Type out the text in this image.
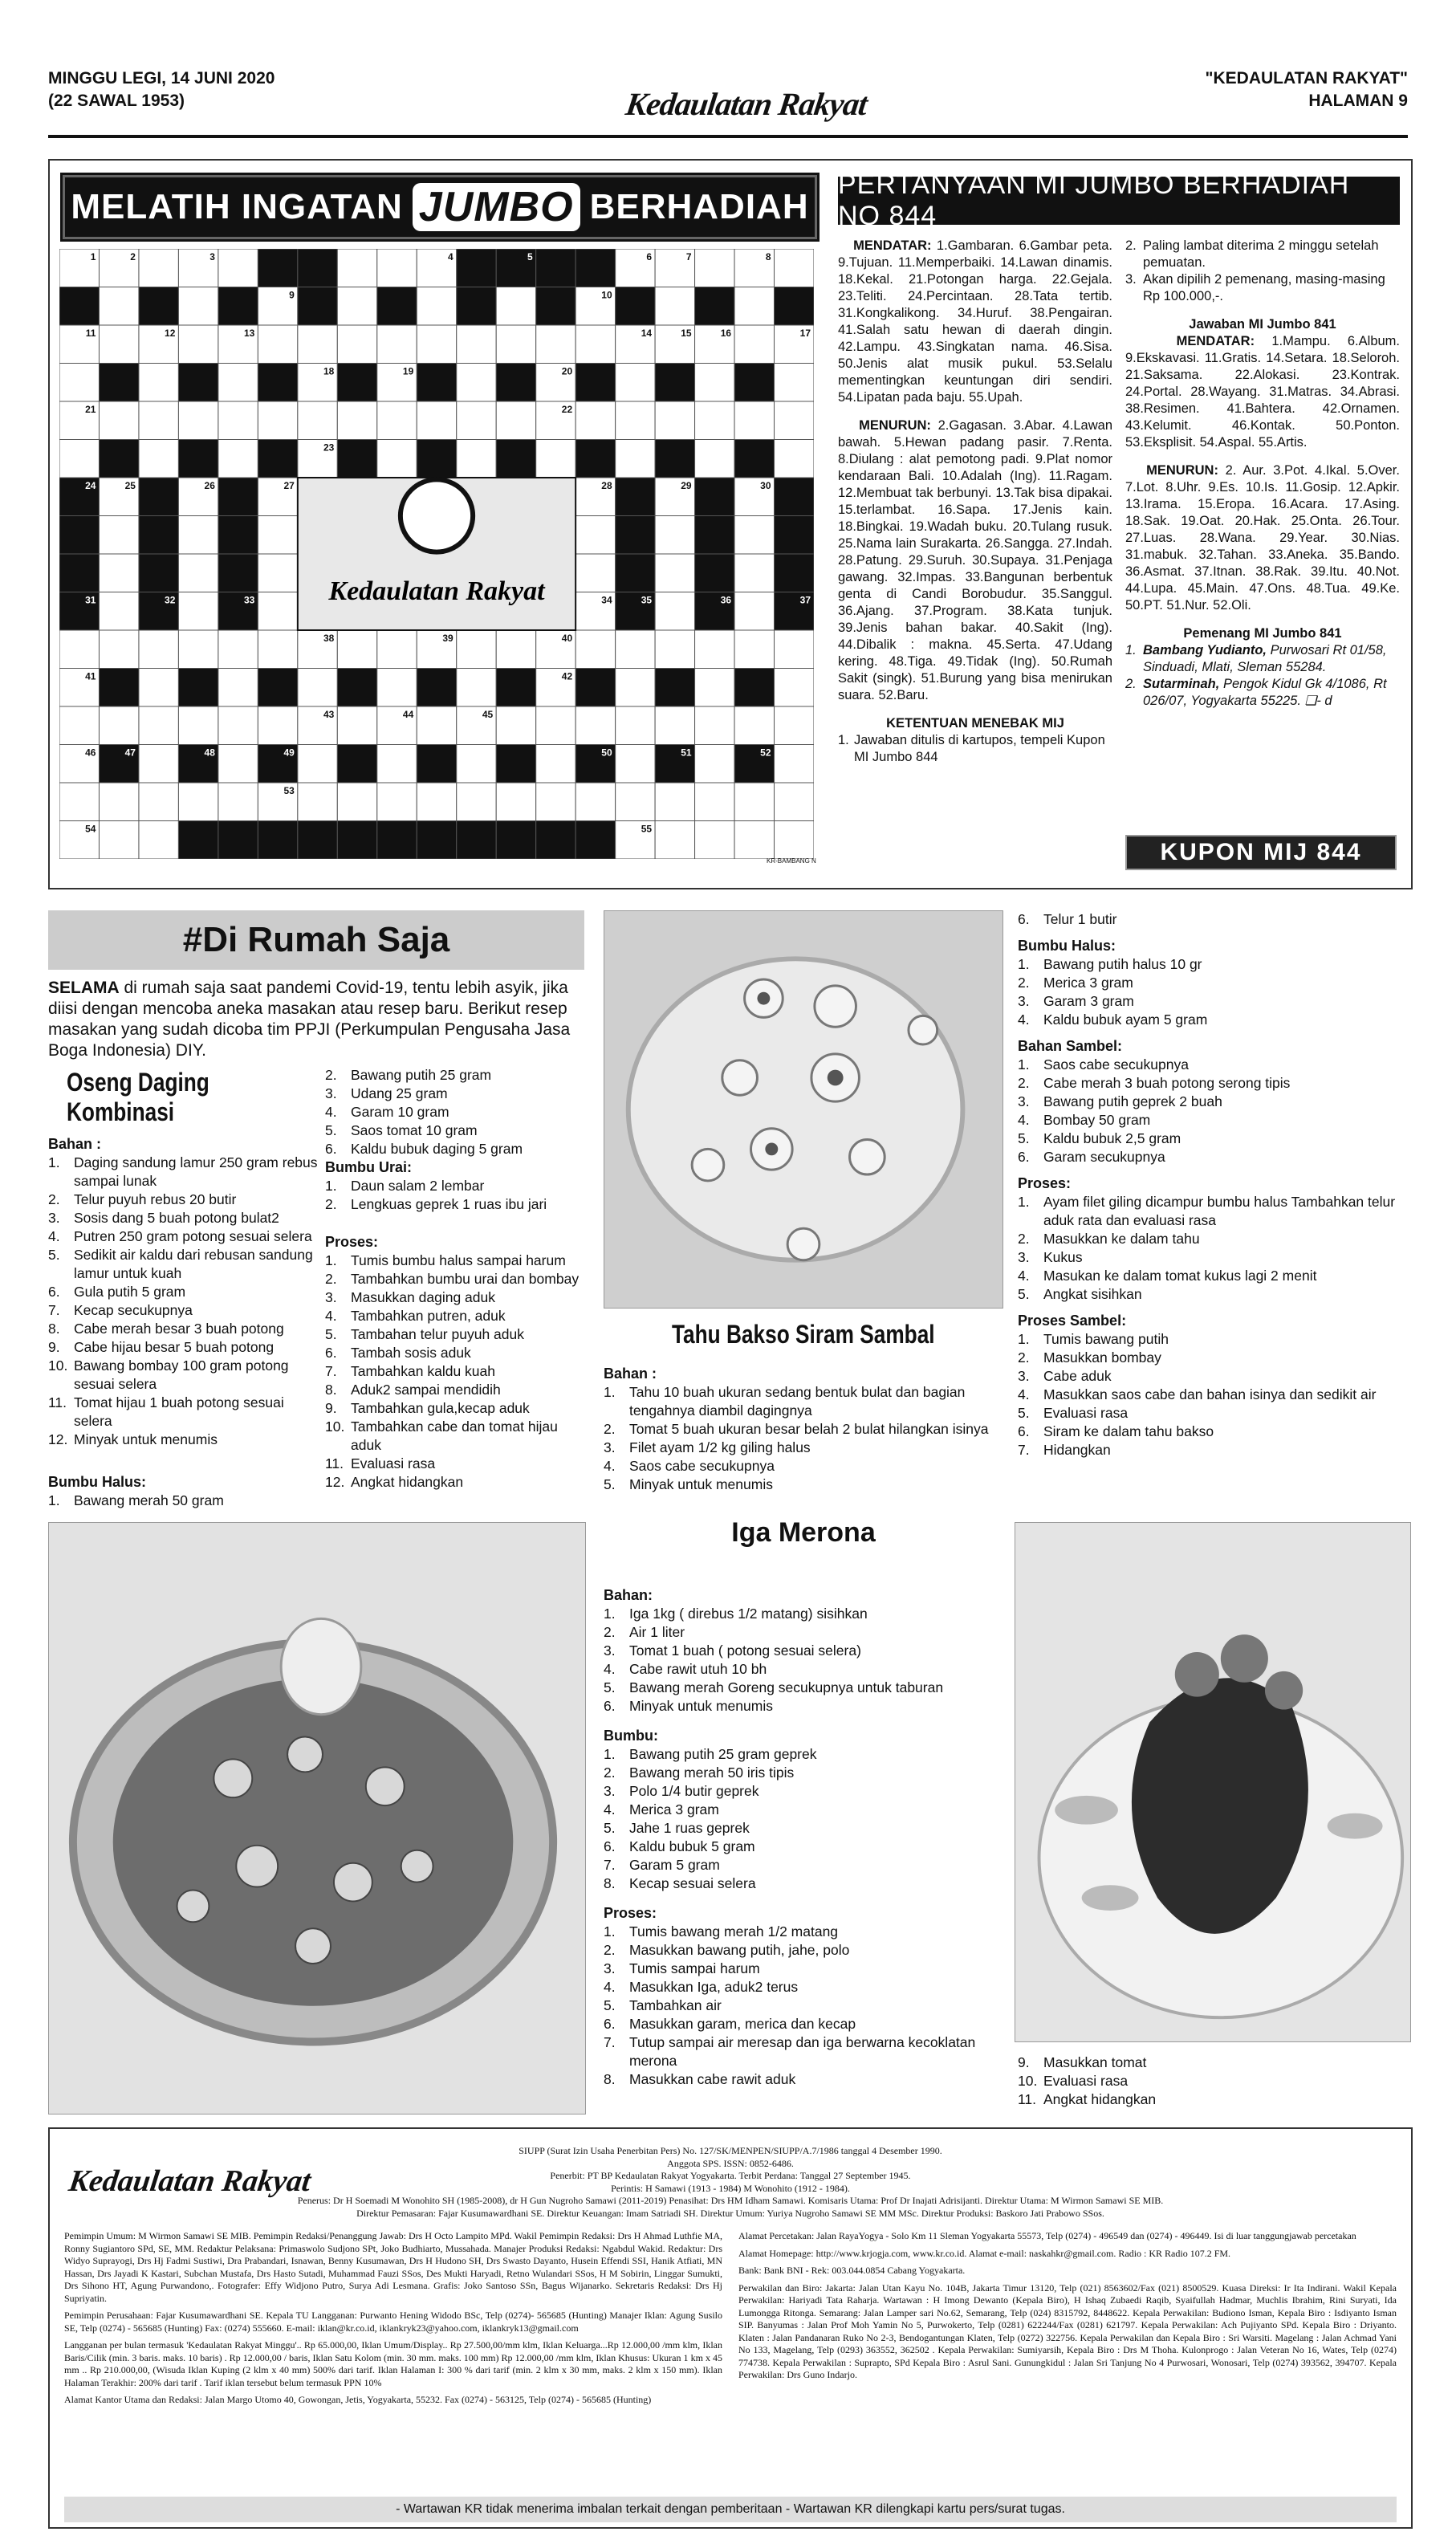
MINGGU LEGI, 14 JUNI 2020
(22 SAWAL 1953)	Kedaulatan Rakyat
"KEDAULATAN RAKYAT"
HALAMAN 9
MELATIH INGATAN JUMBO BERHADIAH
Kedaulatan Rakyat
1	2	3	4	5	6	7	8
9	10
11	12	13	14	15	16	17
18	19	20
21	22
23
24	25	26	27	28	29	30
31	32	33	34	35	36	37
38	39	40
41	42
43	44	45
46	47	48	49	50	51	52
53
54	55
KR-BAMBANG N
PERTANYAAN MI JUMBO BERHADIAH NO 844

MENDATAR: 1.Gambaran. 6.Gambar peta. 9.Tujuan. 11.Memperbaiki. 14.Lawan dinamis. 18.Kekal. 21.Potongan harga. 22.Gejala. 23.Teliti. 24.Percintaan. 28.Tata tertib. 31.Kongkalikong. 34.Huruf. 38.Pengairan. 41.Salah satu hewan di daerah dingin. 42.Lampu. 43.Singkatan nama. 46.Sisa. 50.Jenis alat musik pukul. 53.Selalu mementingkan keuntungan diri sendiri. 54.Lipatan pada baju. 55.Upah.

MENURUN: 2.Gagasan. 3.Abar. 4.Lawan bawah. 5.Hewan padang pasir. 7.Renta. 8.Diulang : alat pemotong padi. 9.Plat nomor kendaraan Bali. 10.Adalah (Ing). 11.Ragam. 12.Membuat tak berbunyi. 13.Tak bisa dipakai. 15.terlambat. 16.Sapa. 17.Jenis kain. 18.Bingkai. 19.Wadah buku. 20.Tulang rusuk. 25.Nama lain Surakarta. 26.Sangga. 27.Indah. 28.Patung. 29.Suruh. 30.Supaya. 31.Penjaga gawang. 32.Impas. 33.Bangunan berbentuk genta di Candi Borobudur. 35.Sanggul. 36.Ajang. 37.Program. 38.Kata tunjuk. 39.Jenis bahan bakar. 40.Sakit (Ing). 44.Dibalik : makna. 45.Serta. 47.Udang kering. 48.Tiga. 49.Tidak (Ing). 50.Rumah Sakit (singk). 51.Burung yang bisa menirukan suara. 52.Baru.

KETENTUAN MENEBAK MIJ
1. Jawaban ditulis di kartupos, tempeli Kupon MI Jumbo 844
2. Paling lambat diterima 2 minggu setelah pemuatan.
3. Akan dipilih 2 pemenang, masing-masing Rp 100.000,-.
Jawaban MI Jumbo 841

MENDATAR: 1.Mampu. 6.Album. 9.Ekskavasi. 11.Gratis. 14.Setara. 18.Seloroh. 21.Saksama. 22.Alokasi. 23.Kontrak. 24.Portal. 28.Wayang. 31.Matras. 34.Abrasi. 38.Resimen. 41.Bahtera. 42.Ornamen. 43.Kelumit. 46.Kontak. 50.Ponton. 53.Eksplisit. 54.Aspal. 55.Artis.

MENURUN: 2. Aur. 3.Pot. 4.Ikal. 5.Over. 7.Lot. 8.Uhr. 9.Es. 10.Is. 11.Gosip. 12.Apkir. 13.Irama. 15.Eropa. 16.Acara. 17.Asing. 18.Sak. 19.Oat. 20.Hak. 25.Onta. 26.Tour. 27.Luas. 28.Wana. 29.Year. 30.Nias. 31.mabuk. 32.Tahan. 33.Aneka. 35.Bando. 36.Asmat. 37.Itnan. 38.Rak. 39.Itu. 40.Not. 44.Lupa. 45.Main. 47.Ons. 48.Tua. 49.Ke. 50.PT. 51.Nur. 52.Oli.

Pemenang MI Jumbo 841
1. Bambang Yudianto, Purwosari Rt 01/58, Sinduadi, Mlati, Sleman 55284.
2. Sutarminah, Pengok Kidul Gk 4/1086, Rt 026/07, Yogyakarta 55225. ❏- d
KUPON MIJ 844
#Di Rumah Saja
SELAMA di rumah saja saat pandemi Covid-19, tentu lebih asyik, jika diisi dengan mencoba aneka masakan atau resep baru. Berikut resep masakan yang sudah dicoba tim PPJI (Perkumpulan Pengusaha Jasa Boga Indonesia) DIY.
Oseng Daging Kombinasi
Bahan :
1. Daging sandung lamur 250 gram rebus sampai lunak
2. Telur puyuh rebus 20 butir
3. Sosis dang 5 buah potong bulat2
4. Putren 250 gram potong sesuai selera
5. Sedikit air kaldu dari rebusan sandung lamur untuk kuah
6. Gula putih 5 gram
7. Kecap secukupnya
8. Cabe merah besar 3 buah potong
9. Cabe hijau besar 5 buah potong
10. Bawang bombay 100 gram potong sesuai selera
11. Tomat hijau 1 buah potong sesuai selera
12. Minyak untuk menumis
Bumbu Halus:
1. Bawang merah 50 gram
2. Bawang putih 25 gram
3. Udang 25 gram
4. Garam 10 gram
5. Saos tomat 10 gram
6. Kaldu bubuk daging 5 gram
Bumbu Urai:
1. Daun salam 2 lembar
2. Lengkuas geprek 1 ruas ibu jari
Proses:
1. Tumis bumbu halus sampai harum
2. Tambahkan bumbu urai dan bombay
3. Masukkan daging aduk
4. Tambahkan putren, aduk
5. Tambahan telur puyuh aduk
6. Tambah sosis aduk
7. Tambahkan kaldu kuah
8. Aduk2 sampai mendidih
9. Tambahkan gula,kecap aduk
10. Tambahkan cabe dan tomat hijau aduk
11. Evaluasi rasa
12. Angkat hidangkan
Tahu Bakso Siram Sambal
Bahan :
1. Tahu 10 buah ukuran sedang bentuk bulat dan bagian tengahnya diambil dagingnya
2. Tomat 5 buah ukuran besar belah 2 bulat hilangkan isinya
3. Filet ayam 1/2 kg giling halus
4. Saos cabe secukupnya
5. Minyak untuk menumis
6. Telur 1 butir
Bumbu Halus:
1. Bawang putih halus 10 gr
2. Merica 3 gram
3. Garam 3 gram
4. Kaldu bubuk ayam 5 gram
Bahan Sambel:
1. Saos cabe secukupnya
2. Cabe merah 3 buah potong serong tipis
3. Bawang putih geprek 2 buah
4. Bombay 50 gram
5. Kaldu bubuk 2,5 gram
6. Garam secukupnya
Proses:
1. Ayam filet giling dicampur bumbu halus Tambahkan telur aduk rata dan evaluasi rasa
2. Masukkan ke dalam tahu
3. Kukus
4. Masukan ke dalam tomat kukus lagi 2 menit
5. Angkat sisihkan
Proses Sambel:
1. Tumis bawang putih
2. Masukkan bombay
3. Cabe aduk
4. Masukkan saos cabe dan bahan isinya dan sedikit air
5. Evaluasi rasa
6. Siram ke dalam tahu bakso
7. Hidangkan
Iga Merona
Bahan:
1. Iga 1kg ( direbus 1/2 matang) sisihkan
2. Air 1 liter
3. Tomat 1 buah ( potong sesuai selera)
4. Cabe rawit utuh 10 bh
5. Bawang merah Goreng secukupnya untuk taburan
6. Minyak untuk menumis
Bumbu:
1. Bawang putih 25 gram geprek
2. Bawang merah 50 iris tipis
3. Polo 1/4 butir geprek
4. Merica 3 gram
5. Jahe 1 ruas geprek
6. Kaldu bubuk 5 gram
7. Garam 5 gram
8. Kecap sesuai selera
Proses:
1. Tumis bawang merah 1/2 matang
2. Masukkan bawang putih, jahe, polo
3. Tumis sampai harum
4. Masukkan Iga, aduk2 terus
5. Tambahkan air
6. Masukkan garam, merica dan kecap
7. Tutup sampai air meresap dan iga berwarna kecoklatan merona
8. Masukkan cabe rawit aduk
9. Masukkan tomat
10. Evaluasi rasa
11. Angkat hidangkan
Kedaulatan Rakyat
SIUPP (Surat Izin Usaha Penerbitan Pers) No. 127/SK/MENPEN/SIUPP/A.7/1986 tanggal 4 Desember 1990.
Anggota SPS. ISSN: 0852-6486.
Penerbit: PT BP Kedaulatan Rakyat Yogyakarta. Terbit Perdana: Tanggal 27 September 1945.
Perintis: H Samawi (1913 - 1984) M Wonohito (1912 - 1984).
Penerus: Dr H Soemadi M Wonohito SH (1985-2008), dr H Gun Nugroho Samawi (2011-2019) Penasihat: Drs HM Idham Samawi. Komisaris Utama: Prof Dr Inajati Adrisijanti. Direktur Utama: M Wirmon Samawi SE MIB.
Direktur Pemasaran: Fajar Kusumawardhani SE. Direktur Keuangan: Imam Satriadi SH. Direktur Umum: Yuriya Nugroho Samawi SE MM MSc. Direktur Produksi: Baskoro Jati Prabowo SSos.

Pemimpin Umum: M Wirmon Samawi SE MIB. Pemimpin Redaksi/Penanggung Jawab: Drs H Octo Lampito MPd. Wakil Pemimpin Redaksi: Drs H Ahmad Luthfie MA, Ronny Sugiantoro SPd, SE, MM. Redaktur Pelaksana: Primaswolo Sudjono SPt, Joko Budhiarto, Mussahada. Manajer Produksi Redaksi: Ngabdul Wakid. Redaktur: Drs Widyo Suprayogi, Drs Hj Fadmi Sustiwi, Dra Prabandari, Isnawan, Benny Kusumawan, Drs H Hudono SH, Drs Swasto Dayanto, Husein Effendi SSI, Hanik Atfiati, MN Hassan, Drs Jayadi K Kastari, Subchan Mustafa, Drs Hasto Sutadi, Muhammad Fauzi SSos, Des Mukti Haryadi, Retno Wulandari SSos, H M Sobirin, Linggar Sumukti, Drs Sihono HT, Agung Purwandono,. Fotografer: Effy Widjono Putro, Surya Adi Lesmana. Grafis: Joko Santoso SSn, Bagus Wijanarko. Sekretaris Redaksi: Drs Hj Supriyatin.

Pemimpin Perusahaan: Fajar Kusumawardhani SE. Kepala TU Langganan: Purwanto Hening Widodo BSc, Telp (0274)- 565685 (Hunting) Manajer Iklan: Agung Susilo SE, Telp (0274) - 565685 (Hunting) Fax: (0274) 555660. E-mail: iklan@kr.co.id, iklankryk23@yahoo.com, iklankryk13@gmail.com

Langganan per bulan termasuk 'Kedaulatan Rakyat Minggu'.. Rp 65.000,00, Iklan Umum/Display.. Rp 27.500,00/mm klm, Iklan Keluarga...Rp 12.000,00 /mm klm, Iklan Baris/Cilik (min. 3 baris. maks. 10 baris) . Rp 12.000,00 / baris, Iklan Satu Kolom (min. 30 mm. maks. 100 mm) Rp 12.000,00 /mm klm, Iklan Khusus: Ukuran 1 km x 45 mm .. Rp 210.000,00, (Wisuda Iklan Kuping (2 klm x 40 mm) 500% dari tarif. Iklan Halaman I: 300 % dari tarif (min. 2 klm x 30 mm, maks. 2 klm x 150 mm). Iklan Halaman Terakhir: 200% dari tarif . Tarif iklan tersebut belum termasuk PPN 10%

Alamat Kantor Utama dan Redaksi: Jalan Margo Utomo 40, Gowongan, Jetis, Yogyakarta, 55232. Fax (0274) - 563125, Telp (0274) - 565685 (Hunting)

Alamat Percetakan: Jalan RayaYogya - Solo Km 11 Sleman Yogyakarta 55573, Telp (0274) - 496549 dan (0274) - 496449. Isi di luar tanggungjawab percetakan

Alamat Homepage: http://www.krjogja.com, www.kr.co.id. Alamat e-mail: naskahkr@gmail.com. Radio : KR Radio 107.2 FM.

Bank: Bank BNI - Rek: 003.044.0854 Cabang Yogyakarta.

Perwakilan dan Biro: Jakarta: Jalan Utan Kayu No. 104B, Jakarta Timur 13120, Telp (021) 8563602/Fax (021) 8500529. Kuasa Direksi: Ir Ita Indirani. Wakil Kepala Perwakilan: Hariyadi Tata Raharja. Wartawan : H Imong Dewanto (Kepala Biro), H Ishaq Zubaedi Raqib, Syaifullah Hadmar, Muchlis Ibrahim, Rini Suryati, Ida Lumongga Ritonga. Semarang: Jalan Lamper sari No.62, Semarang, Telp (024) 8315792, 8448622. Kepala Perwakilan: Budiono Isman, Kepala Biro : Isdiyanto Isman SIP. Banyumas : Jalan Prof Moh Yamin No 5, Purwokerto, Telp (0281) 622244/Fax (0281) 621797. Kepala Perwakilan: Ach Pujiyanto SPd. Kepala Biro : Driyanto. Klaten : Jalan Pandanaran Ruko No 2-3, Bendogantungan Klaten, Telp (0272) 322756. Kepala Perwakilan dan Kepala Biro : Sri Warsiti. Magelang : Jalan Achmad Yani No 133, Magelang, Telp (0293) 363552, 362502 . Kepala Perwakilan: Sumiyarsih, Kepala Biro : Drs M Thoha. Kulonprogo : Jalan Veteran No 16, Wates, Telp (0274) 774738. Kepala Perwakilan : Suprapto, SPd Kepala Biro : Asrul Sani. Gunungkidul : Jalan Sri Tanjung No 4 Purwosari, Wonosari, Telp (0274) 393562, 394707. Kepala Perwakilan: Drs Guno Indarjo.

- Wartawan KR tidak menerima imbalan terkait dengan pemberitaan - Wartawan KR dilengkapi kartu pers/surat tugas.
